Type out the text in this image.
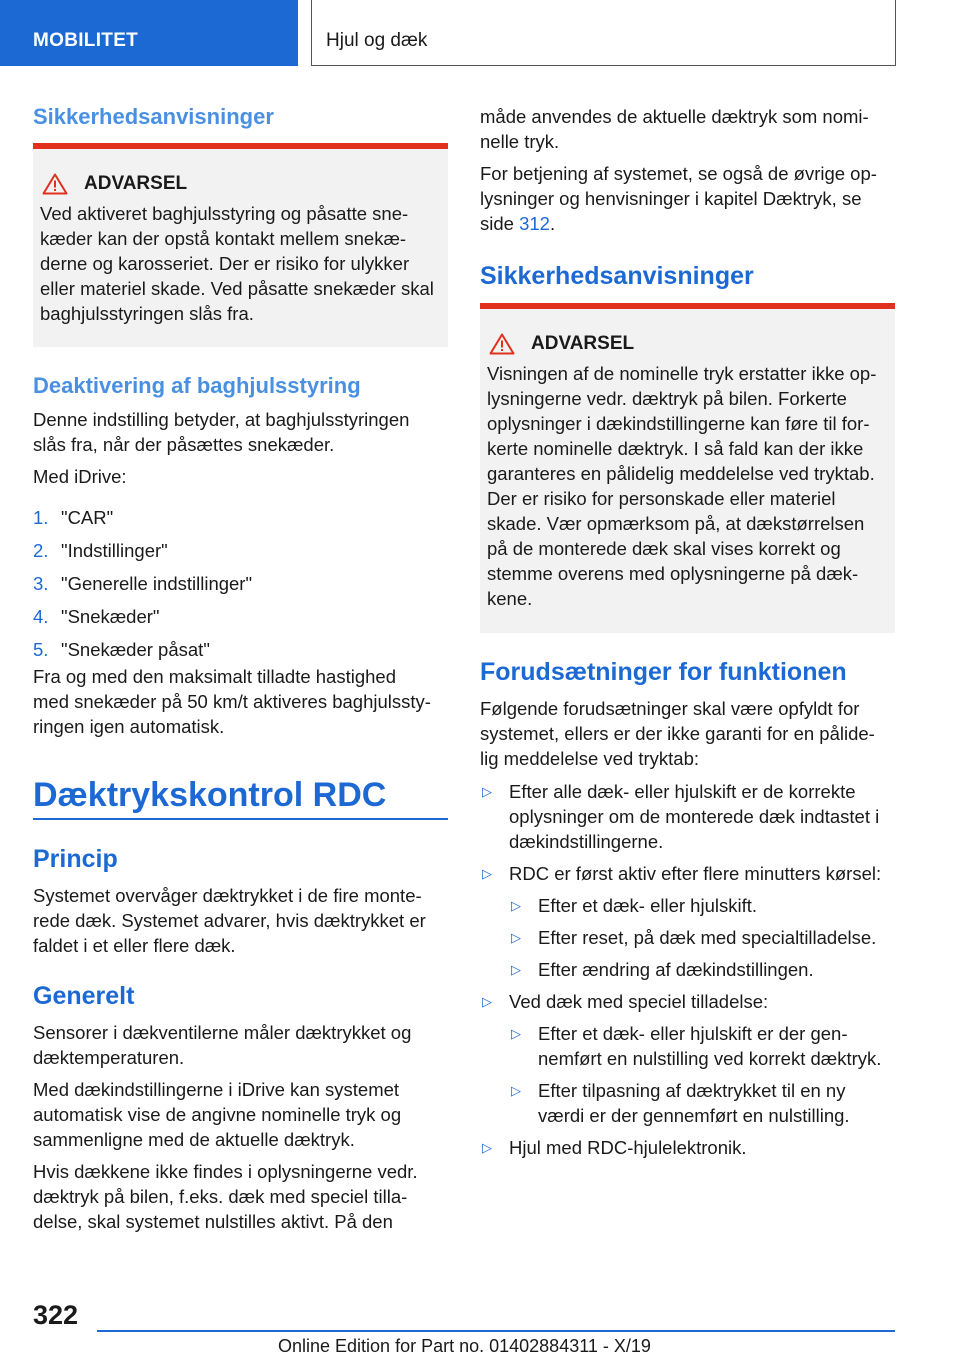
MOBILITET	Hjul og dæk
Sikkerhedsanvisninger
ADVARSEL
Ved aktiveret baghjulsstyring og påsatte sne-
kæder kan der opstå kontakt mellem snekæ-
derne og karosseriet. Der er risiko for ulykker
eller materiel skade. Ved påsatte snekæder skal
baghjulsstyringen slås fra.
Deaktivering af baghjulsstyring

Denne indstilling betyder, at baghjulsstyringen
slås fra, når der påsættes snekæder.

Med iDrive:

1. "CAR"
2. "Indstillinger"
3. "Generelle indstillinger"
4. "Snekæder"
5. "Snekæder påsat"

Fra og med den maksimalt tilladte hastighed
med snekæder på 50 km/t aktiveres baghjulssty-
ringen igen automatisk.

Dæktrykskontrol RDC
Princip

Systemet overvåger dæktrykket i de fire monte-
rede dæk. Systemet advarer, hvis dæktrykket er
faldet i et eller flere dæk.

Generelt

Sensorer i dækventilerne måler dæktrykket og
dæktemperaturen.

Med dækindstillingerne i iDrive kan systemet
automatisk vise de angivne nominelle tryk og
sammenligne med de aktuelle dæktryk.

Hvis dækkene ikke findes i oplysningerne vedr.
dæktryk på bilen, f.eks. dæk med speciel tilla-
delse, skal systemet nulstilles aktivt. På den

måde anvendes de aktuelle dæktryk som nomi-
nelle tryk.

For betjening af systemet, se også de øvrige op-
lysninger og henvisninger i kapitel Dæktryk, se
side 312.

Sikkerhedsanvisninger
ADVARSEL
Visningen af de nominelle tryk erstatter ikke op-
lysningerne vedr. dæktryk på bilen. Forkerte
oplysninger i dækindstillingerne kan føre til for-
kerte nominelle dæktryk. I så fald kan der ikke
garanteres en pålidelig meddelelse ved tryktab.
Der er risiko for personskade eller materiel
skade. Vær opmærksom på, at dækstørrelsen
på de monterede dæk skal vises korrekt og
stemme overens med oplysningerne på dæk-
kene.
Forudsætninger for funktionen

Følgende forudsætninger skal være opfyldt for
systemet, ellers er der ikke garanti for en pålide-
lig meddelelse ved tryktab:

▷ Efter alle dæk- eller hjulskift er de korrekte
oplysninger om de monterede dæk indtastet i
dækindstillingerne.
▷ RDC er først aktiv efter flere minutters kørsel:
▷ Efter et dæk- eller hjulskift.
▷ Efter reset, på dæk med specialtilladelse.
▷ Efter ændring af dækindstillingen.
▷ Ved dæk med speciel tilladelse:
▷ Efter et dæk- eller hjulskift er der gen-
nemført en nulstilling ved korrekt dæktryk.
▷ Efter tilpasning af dæktrykket til en ny
værdi er der gennemført en nulstilling.
▷ Hjul med RDC-hjulelektronik.
322
Online Edition for Part no. 01402884311 - X/19
